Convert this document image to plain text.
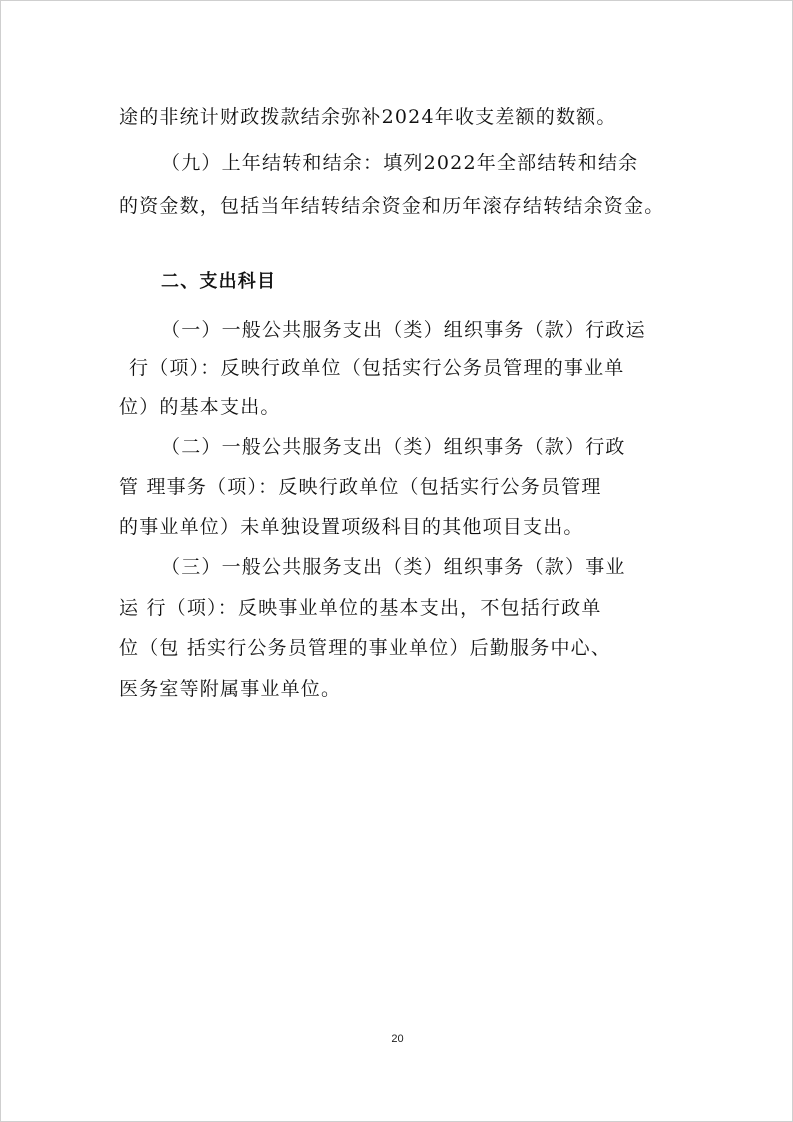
途的非统计财政拨款结余弥补2024年收支差额的数额。
（九）上年结转和结余：填列2022年全部结转和结余
的资金数，包括当年结转结余资金和历年滚存结转结余资金。
二、支出科目
（一）一般公共服务支出（类）组织事务（款）行政运
行（项）：反映行政单位（包括实行公务员管理的事业单
位）的基本支出。
（二）一般公共服务支出（类）组织事务（款）行政
管 理事务（项）：反映行政单位（包括实行公务员管理
的事业单位）未单独设置项级科目的其他项目支出。
（三）一般公共服务支出（类）组织事务（款）事业
运 行（项）：反映事业单位的基本支出，不包括行政单
位（包 括实行公务员管理的事业单位）后勤服务中心、
医务室等附属事业单位。
20
